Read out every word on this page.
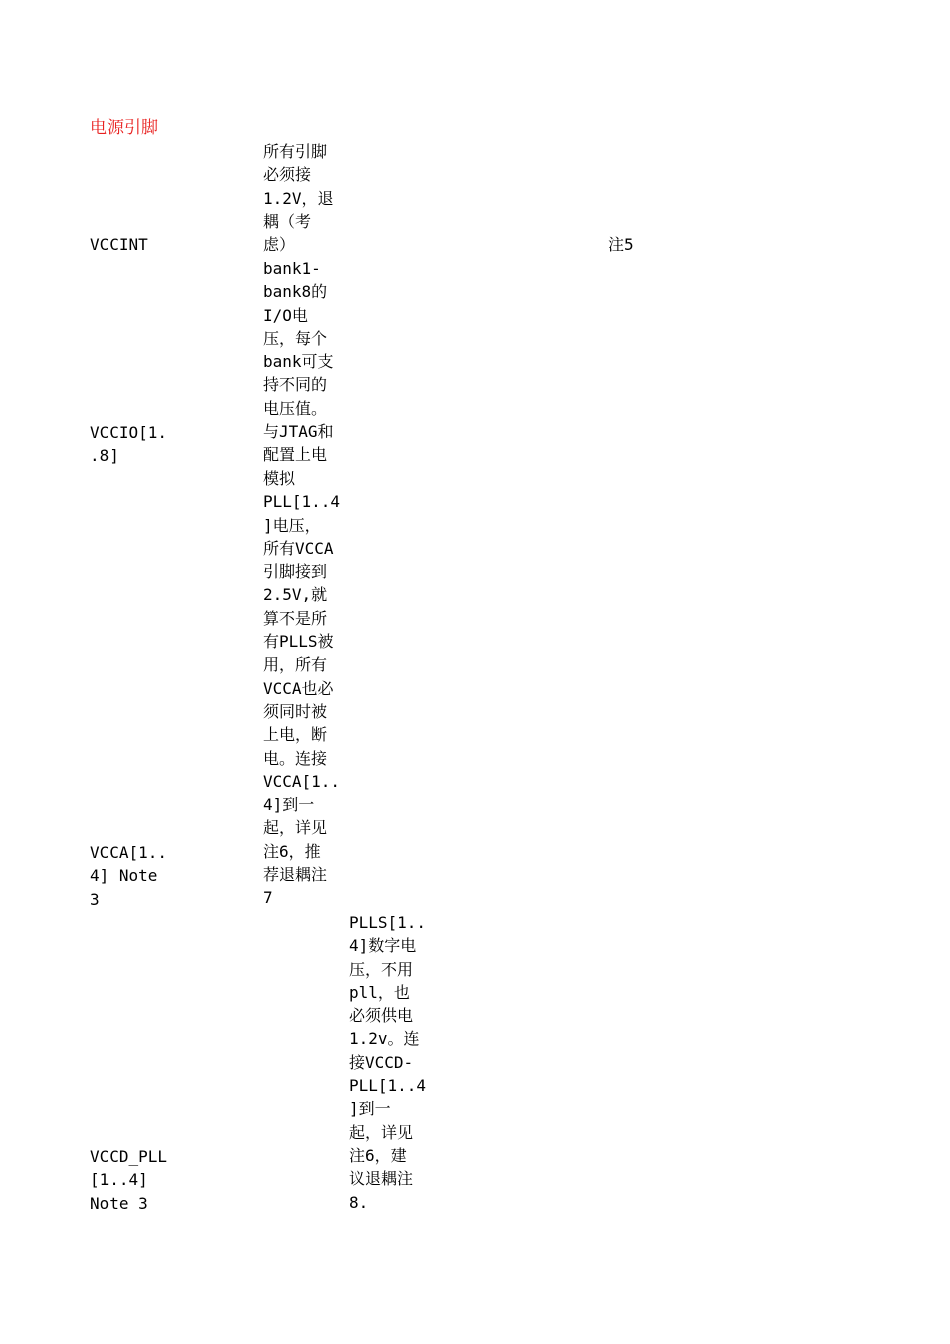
电源引脚
所有引脚
必须接
1.2V，退
耦（考
虑）
VCCINT	注5
bank1-
bank8的
I/O电
压，每个
bank可支
持不同的
电压值。
与JTAG和
配置上电
VCCIO[1.
.8]
模拟
PLL[1..4
]电压，
所有VCCA
引脚接到
2.5V,就
算不是所
有PLLS被
用，所有
VCCA也必
须同时被
上电，断
电。连接
VCCA[1..
4]到一
起，详见
注6，推
荐退耦注
7
VCCA[1..
4] Note
3
PLLS[1..
4]数字电
压，不用
pll，也
必须供电
1.2v。连
接VCCD-
PLL[1..4
]到一
起，详见
注6，建
议退耦注
8.
VCCD_PLL
[1..4]
Note 3
